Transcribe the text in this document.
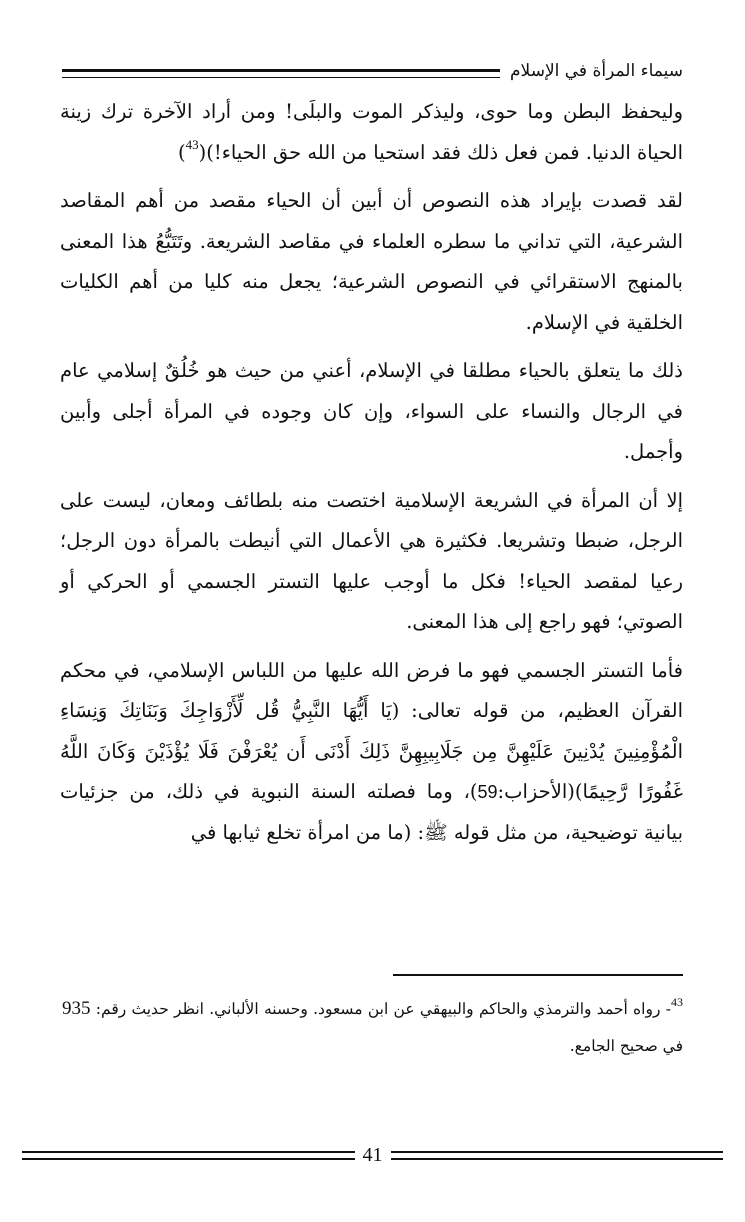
سيماء المرأة في الإسلام

وليحفظ البطن وما حوى، وليذكر الموت والبلَى! ومن أراد الآخرة ترك زينة الحياة الدنيا. فمن فعل ذلك فقد استحيا من الله حق الحياء!)($^{43}$)

لقد قصدت بإيراد هذه النصوص أن أبين أن الحياء مقصد من أهم المقاصد الشرعية، التي تداني ما سطره العلماء في مقاصد الشريعة. وتَتَبُّعُ هذا المعنى بالمنهج الاستقرائي في النصوص الشرعية؛ يجعل منه كليا من أهم الكليات الخلقية في الإسلام.

ذلك ما يتعلق بالحياء مطلقا في الإسلام، أعني من حيث هو خُلُقٌ إسلامي عام في الرجال والنساء على السواء، وإن كان وجوده في المرأة أجلى وأبين وأجمل.

إلا أن المرأة في الشريعة الإسلامية اختصت منه بلطائف ومعان، ليست على الرجل، ضبطا وتشريعا. فكثيرة هي الأعمال التي أنيطت بالمرأة دون الرجل؛ رعيا لمقصد الحياء! فكل ما أوجب عليها التستر الجسمي أو الحركي أو الصوتي؛ فهو راجع إلى هذا المعنى.

فأما التستر الجسمي فهو ما فرض الله عليها من اللباس الإسلامي، في محكم القرآن العظيم، من قوله تعالى: (يَا أَيُّهَا النَّبِيُّ قُل لِّأَزْوَاجِكَ وَبَنَاتِكَ وَنِسَاءِ الْمُؤْمِنِينَ يُدْنِينَ عَلَيْهِنَّ مِن جَلَابِيبِهِنَّ ذَلِكَ أَدْنَى أَن يُعْرَفْنَ فَلَا يُؤْذَيْنَ وَكَانَ اللَّهُ غَفُورًا رَّحِيمًا)(الأحزاب:59)، وما فصلته السنة النبوية في ذلك، من جزئيات بيانية توضيحية، من مثل قوله ﷺ: (ما من امرأة تخلع ثيابها في

$^{43}$- رواه أحمد والترمذي والحاكم والبيهقي عن ابن مسعود. وحسنه الألباني. انظر حديث رقم: 935 في صحيح الجامع.
41
